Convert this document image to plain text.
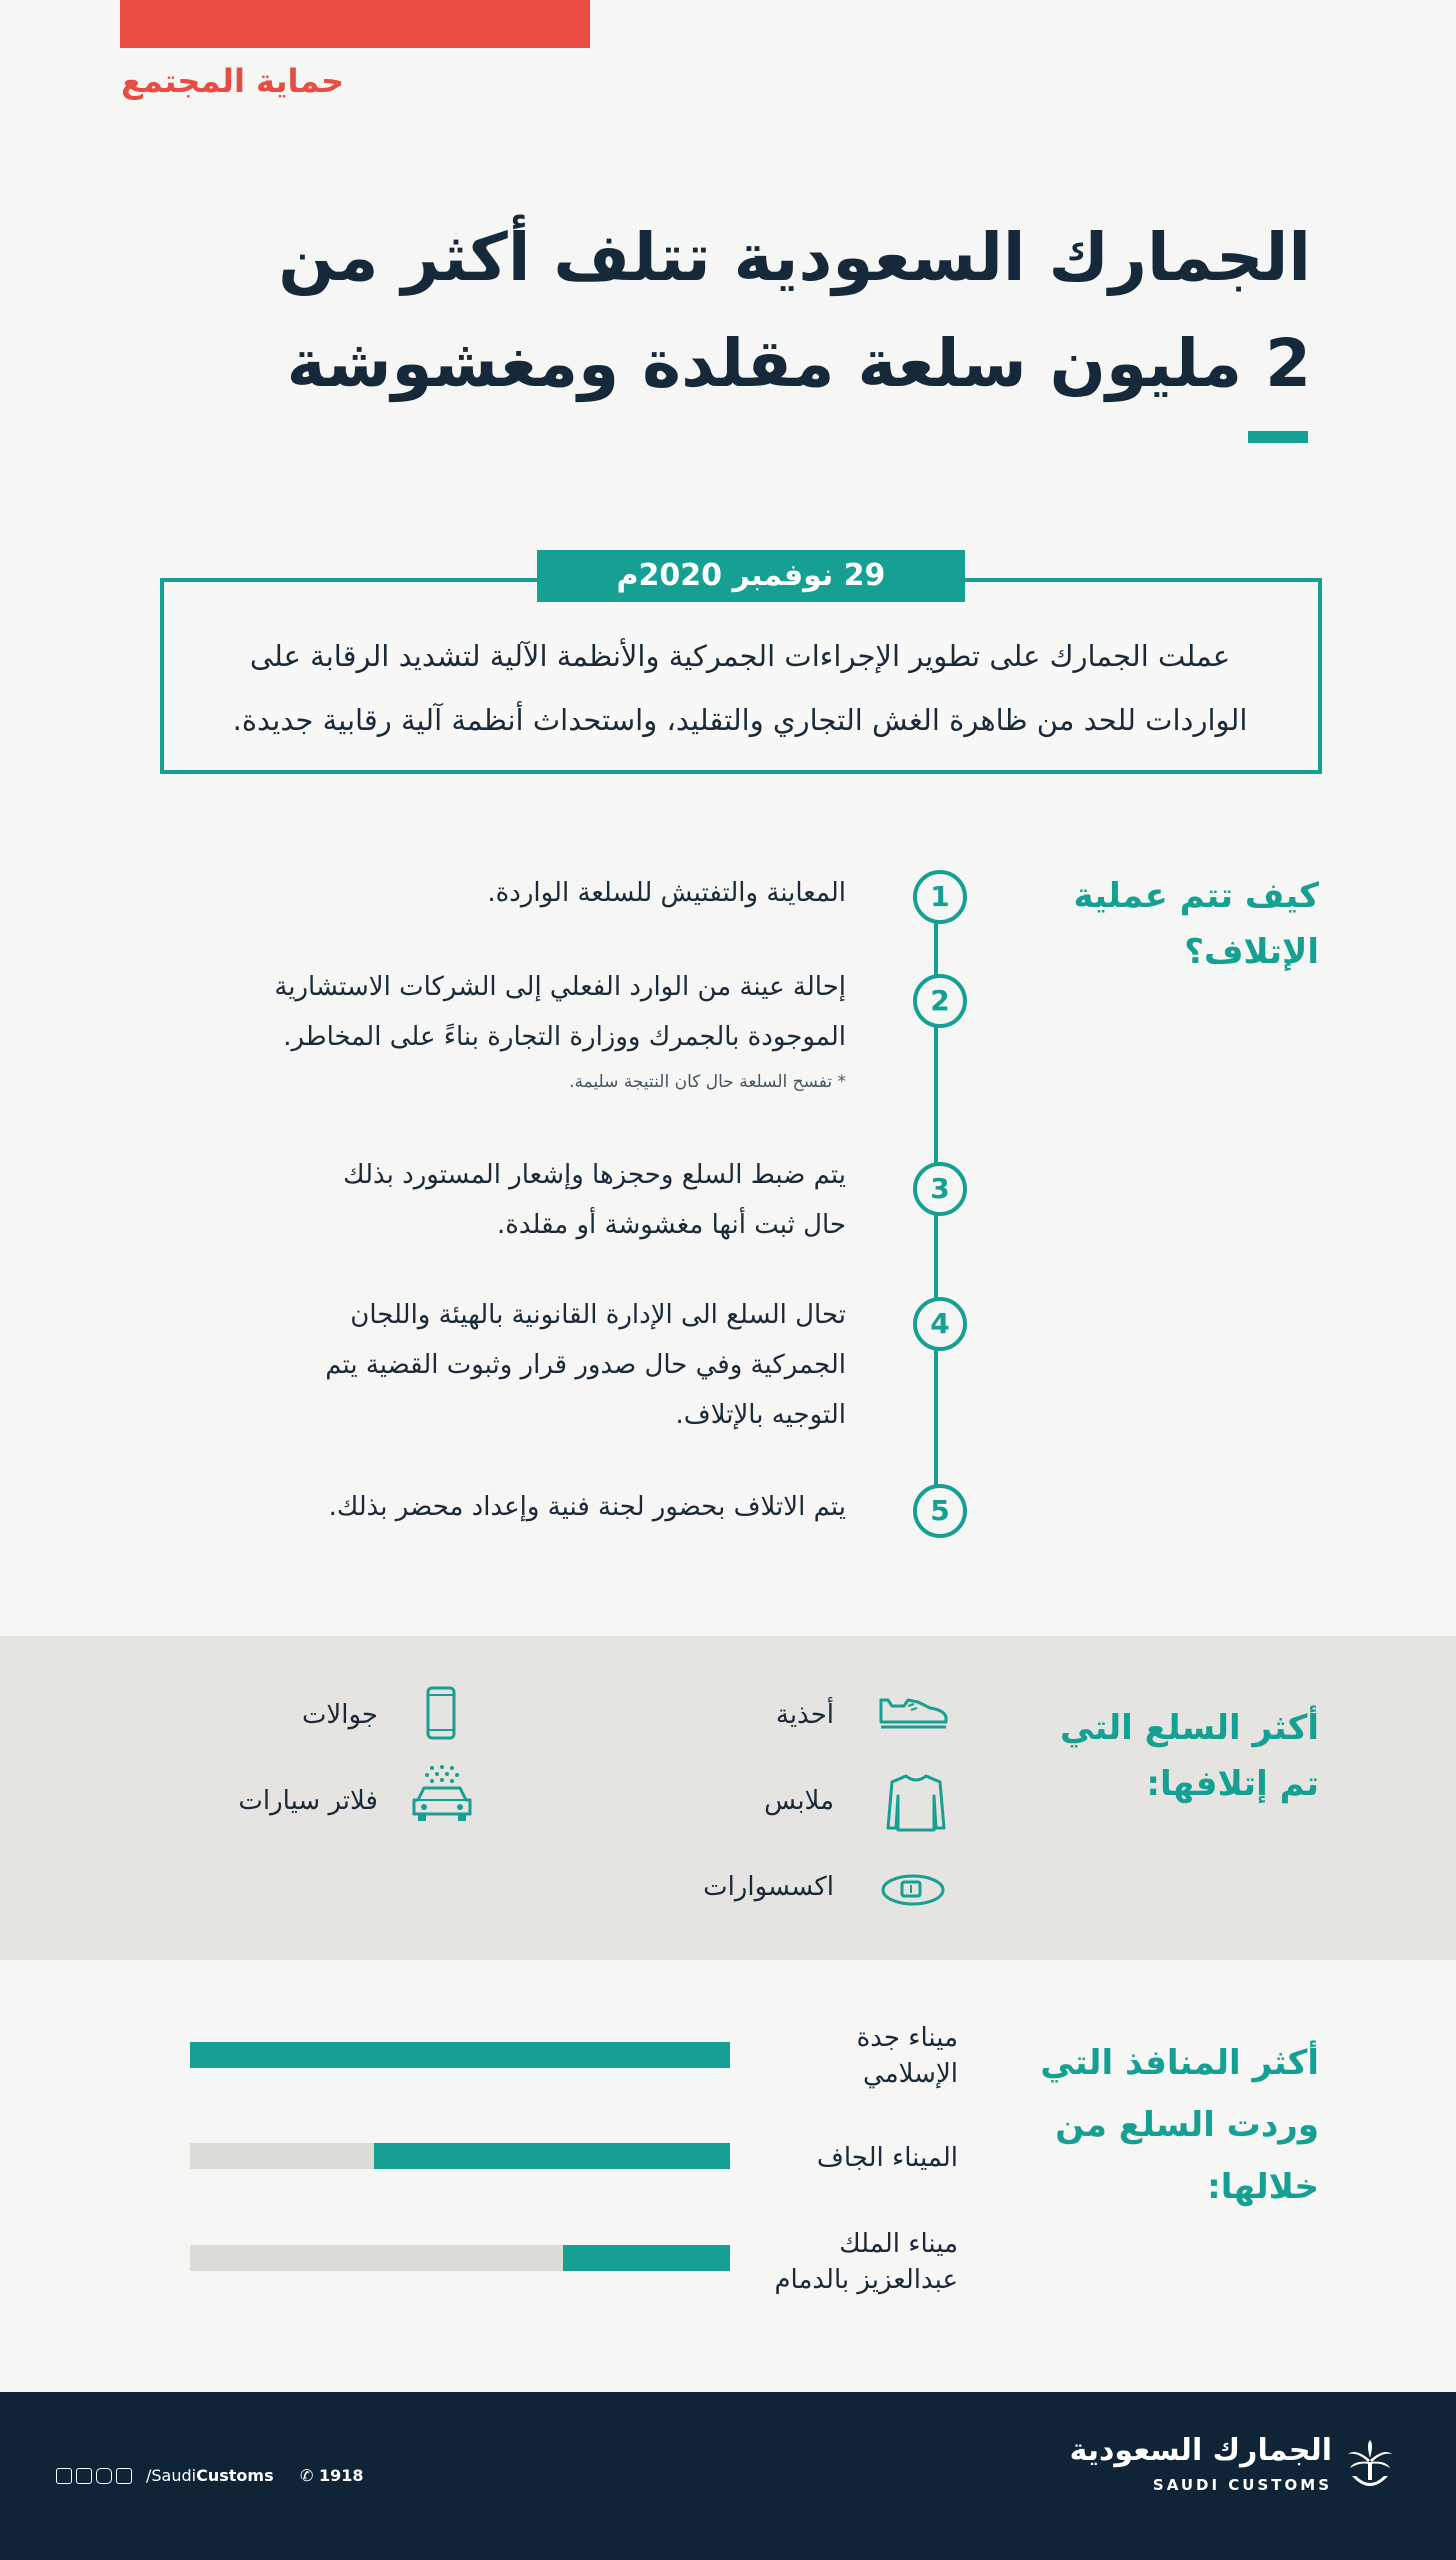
حماية المجتمع
الجمارك السعودية تتلف أكثر من
2 مليون سلعة مقلدة ومغشوشة
29 نوفمبر 2020م
عملت الجمارك على تطوير الإجراءات الجمركية والأنظمة الآلية لتشديد الرقابة على
الواردات للحد من ظاهرة الغش التجاري والتقليد، واستحداث أنظمة آلية رقابية جديدة.
كيف تتم عملية
الإتلاف؟
1
المعاينة والتفتيش للسلعة الواردة.
2
إحالة عينة من الوارد الفعلي إلى الشركات الاستشارية
الموجودة بالجمرك ووزارة التجارة بناءً على المخاطر.
* تفسح السلعة حال كان النتيجة سليمة.
3
يتم ضبط السلع وحجزها وإشعار المستورد بذلك
حال ثبت أنها مغشوشة أو مقلدة.
4
تحال السلع الى الإدارة القانونية بالهيئة واللجان
الجمركية وفي حال صدور قرار وثبوت القضية يتم
التوجيه بالإتلاف.
5
يتم الاتلاف بحضور لجنة فنية وإعداد محضر بذلك.
أكثر السلع التي
تم إتلافها:
أحذية
ملابس
اكسسوارات
جوالات
فلاتر سيارات
أكثر المنافذ التي
وردت السلع من
خلالها:
ميناء جدة
الإسلامي
الميناء الجاف
ميناء الملك
عبدالعزيز بالدمام
الجمارك السعودية
SAUDI CUSTOMS
/SaudiCustoms ✆ 1918
